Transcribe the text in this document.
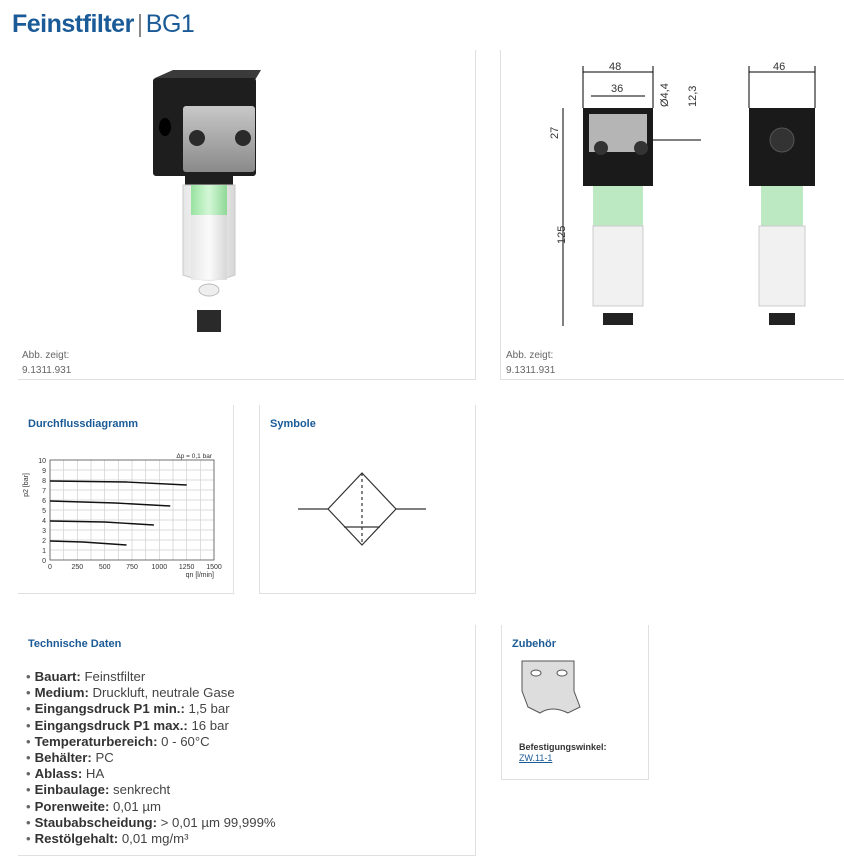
Feinstfilter | BG1
Abb. zeigt:
9.1311.931
48
36
27
125
Ø4,4 12,3
46
Abb. zeigt:
9.1311.931
Durchflussdiagramm
0
1
2
3
4
5
6
7
8
9
10
0	250 500 750 1000 1250 1500
qn [l/min]
p2 [bar]
Δp = 0,1 bar
Symbole
Technische Daten
• Bauart: Feinstfilter
• Medium: Druckluft, neutrale Gase
• Eingangsdruck P1 min.: 1,5 bar
• Eingangsdruck P1 max.: 16 bar
• Temperaturbereich: 0 - 60°C
• Behälter: PC
• Ablass: HA
• Einbaulage: senkrecht
• Porenweite: 0,01 µm
• Staubabscheidung: > 0,01 µm 99,999%
• Restölgehalt: 0,01 mg/m³
Zubehör
Befestigungswinkel:
ZW.11-1
